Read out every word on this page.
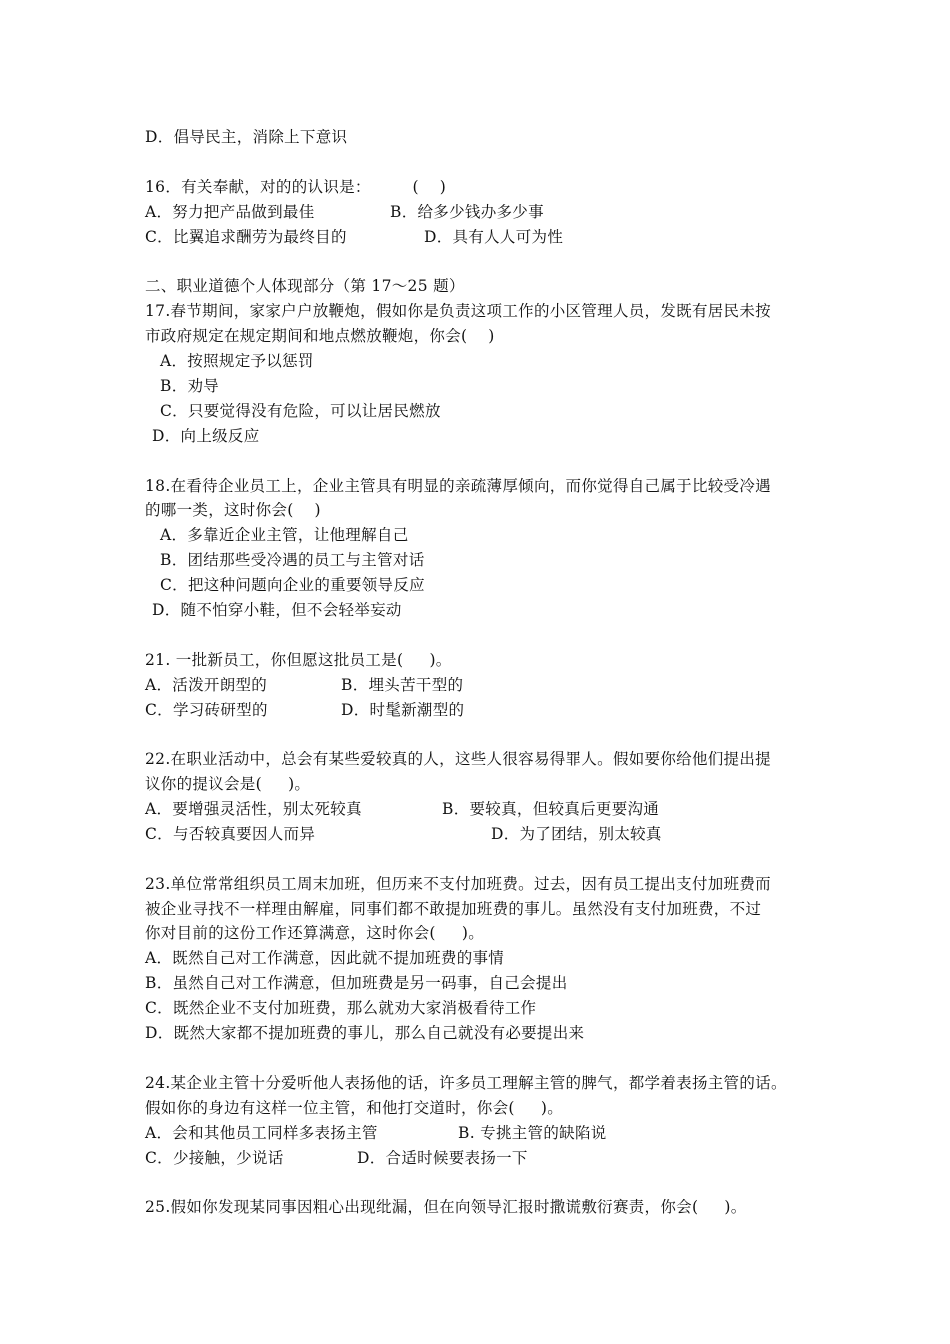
D．倡导民主，消除上下意识
16．有关奉献，对的的认识是：        (    )
A．努力把产品做到最佳	B．给多少钱办多少事
C．比翼追求酬劳为最终目的	D．具有人人可为性
二、职业道德个人体现部分（第 17～25 题）
17.春节期间，家家户户放鞭炮，假如你是负责这项工作的小区管理人员，发既有居民未按
市政府规定在规定期间和地点燃放鞭炮，你会(    )
A．按照规定予以惩罚
B．劝导
C．只要觉得没有危险，可以让居民燃放
D．向上级反应
18.在看待企业员工上，企业主管具有明显的亲疏薄厚倾向，而你觉得自己属于比较受冷遇
的哪一类，这时你会(    )
A．多靠近企业主管，让他理解自己
B．团结那些受冷遇的员工与主管对话
C．把这种问题向企业的重要领导反应
D．随不怕穿小鞋，但不会轻举妄动
21. 一批新员工，你但愿这批员工是(     )。
A．活泼开朗型的	B．埋头苦干型的
C．学习砖研型的	D．时髦新潮型的
22.在职业活动中，总会有某些爱较真的人，这些人很容易得罪人。假如要你给他们提出提
议你的提议会是(     )。
A．要增强灵活性，别太死较真	B．要较真，但较真后更要沟通
C．与否较真要因人而异	D．为了团结，别太较真
23.单位常常组织员工周末加班，但历来不支付加班费。过去，因有员工提出支付加班费而
被企业寻找不一样理由解雇，同事们都不敢提加班费的事儿。虽然没有支付加班费，不过
你对目前的这份工作还算满意，这时你会(     )。
A．既然自己对工作满意，因此就不提加班费的事情
B．虽然自己对工作满意，但加班费是另一码事，自己会提出
C．既然企业不支付加班费，那么就劝大家消极看待工作
D．既然大家都不提加班费的事儿，那么自己就没有必要提出来
24.某企业主管十分爱听他人表扬他的话，许多员工理解主管的脾气，都学着表扬主管的话。
假如你的身边有这样一位主管，和他打交道时，你会(     )。
A．会和其他员工同样多表扬主管	B. 专挑主管的缺陷说
C．少接触，少说话	D．合适时候要表扬一下
25.假如你发现某同事因粗心出现纰漏，但在向领导汇报时撒谎敷衍赛责，你会(     )。
